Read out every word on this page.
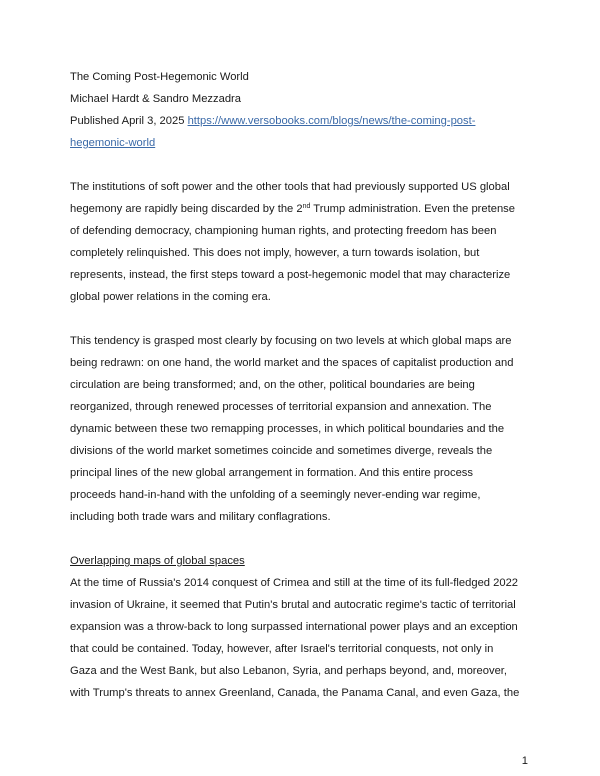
The Coming Post-Hegemonic World

Michael Hardt & Sandro Mezzadra

Published April 3, 2025 https://www.versobooks.com/blogs/news/the-coming-post-

hegemonic-world

The institutions of soft power and the other tools that had previously supported US global

hegemony are rapidly being discarded by the 2nd Trump administration. Even the pretense

of defending democracy, championing human rights, and protecting freedom has been

completely relinquished. This does not imply, however, a turn towards isolation, but

represents, instead, the first steps toward a post-hegemonic model that may characterize

global power relations in the coming era.

This tendency is grasped most clearly by focusing on two levels at which global maps are

being redrawn: on one hand, the world market and the spaces of capitalist production and

circulation are being transformed; and, on the other, political boundaries are being

reorganized, through renewed processes of territorial expansion and annexation. The

dynamic between these two remapping processes, in which political boundaries and the

divisions of the world market sometimes coincide and sometimes diverge, reveals the

principal lines of the new global arrangement in formation. And this entire process

proceeds hand-in-hand with the unfolding of a seemingly never-ending war regime,

including both trade wars and military conflagrations.

Overlapping maps of global spaces

At the time of Russia's 2014 conquest of Crimea and still at the time of its full-fledged 2022

invasion of Ukraine, it seemed that Putin's brutal and autocratic regime's tactic of territorial

expansion was a throw-back to long surpassed international power plays and an exception

that could be contained. Today, however, after Israel's territorial conquests, not only in

Gaza and the West Bank, but also Lebanon, Syria, and perhaps beyond, and, moreover,

with Trump's threats to annex Greenland, Canada, the Panama Canal, and even Gaza, the

1
